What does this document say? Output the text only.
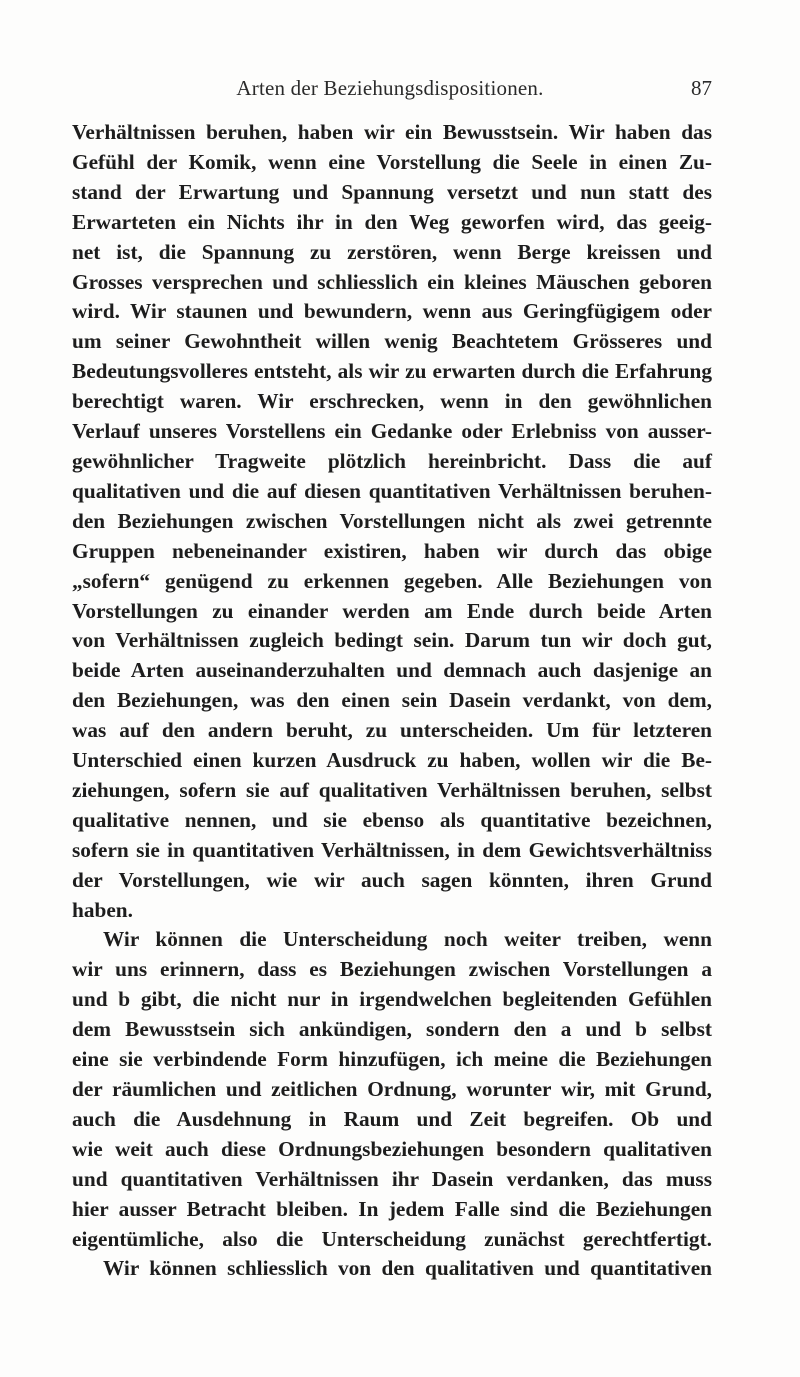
Arten der Beziehungsdispositionen.	87
Verhältnissen beruhen, haben wir ein Bewusstsein. Wir haben das
Gefühl der Komik, wenn eine Vorstellung die Seele in einen Zu-
stand der Erwartung und Spannung versetzt und nun statt des
Erwarteten ein Nichts ihr in den Weg geworfen wird, das geeig-
net ist, die Spannung zu zerstören, wenn Berge kreissen und
Grosses versprechen und schliesslich ein kleines Mäuschen geboren
wird. Wir staunen und bewundern, wenn aus Geringfügigem oder
um seiner Gewohntheit willen wenig Beachtetem Grösseres und
Bedeutungsvolleres entsteht, als wir zu erwarten durch die Erfahrung
berechtigt waren. Wir erschrecken, wenn in den gewöhnlichen
Verlauf unseres Vorstellens ein Gedanke oder Erlebniss von ausser-
gewöhnlicher Tragweite plötzlich hereinbricht. Dass die auf
qualitativen und die auf diesen quantitativen Verhältnissen beruhen-
den Beziehungen zwischen Vorstellungen nicht als zwei getrennte
Gruppen nebeneinander existiren, haben wir durch das obige
„sofern“ genügend zu erkennen gegeben. Alle Beziehungen von
Vorstellungen zu einander werden am Ende durch beide Arten
von Verhältnissen zugleich bedingt sein. Darum tun wir doch gut,
beide Arten auseinanderzuhalten und demnach auch dasjenige an
den Beziehungen, was den einen sein Dasein verdankt, von dem,
was auf den andern beruht, zu unterscheiden. Um für letzteren
Unterschied einen kurzen Ausdruck zu haben, wollen wir die Be-
ziehungen, sofern sie auf qualitativen Verhältnissen beruhen, selbst
qualitative nennen, und sie ebenso als quantitative bezeichnen,
sofern sie in quantitativen Verhältnissen, in dem Gewichtsverhältniss
der Vorstellungen, wie wir auch sagen könnten, ihren Grund
haben.
Wir können die Unterscheidung noch weiter treiben, wenn
wir uns erinnern, dass es Beziehungen zwischen Vorstellungen a
und b gibt, die nicht nur in irgendwelchen begleitenden Gefühlen
dem Bewusstsein sich ankündigen, sondern den a und b selbst
eine sie verbindende Form hinzufügen, ich meine die Beziehungen
der räumlichen und zeitlichen Ordnung, worunter wir, mit Grund,
auch die Ausdehnung in Raum und Zeit begreifen. Ob und
wie weit auch diese Ordnungsbeziehungen besondern qualitativen
und quantitativen Verhältnissen ihr Dasein verdanken, das muss
hier ausser Betracht bleiben. In jedem Falle sind die Beziehungen
eigentümliche, also die Unterscheidung zunächst gerechtfertigt.
Wir können schliesslich von den qualitativen und quantitativen
